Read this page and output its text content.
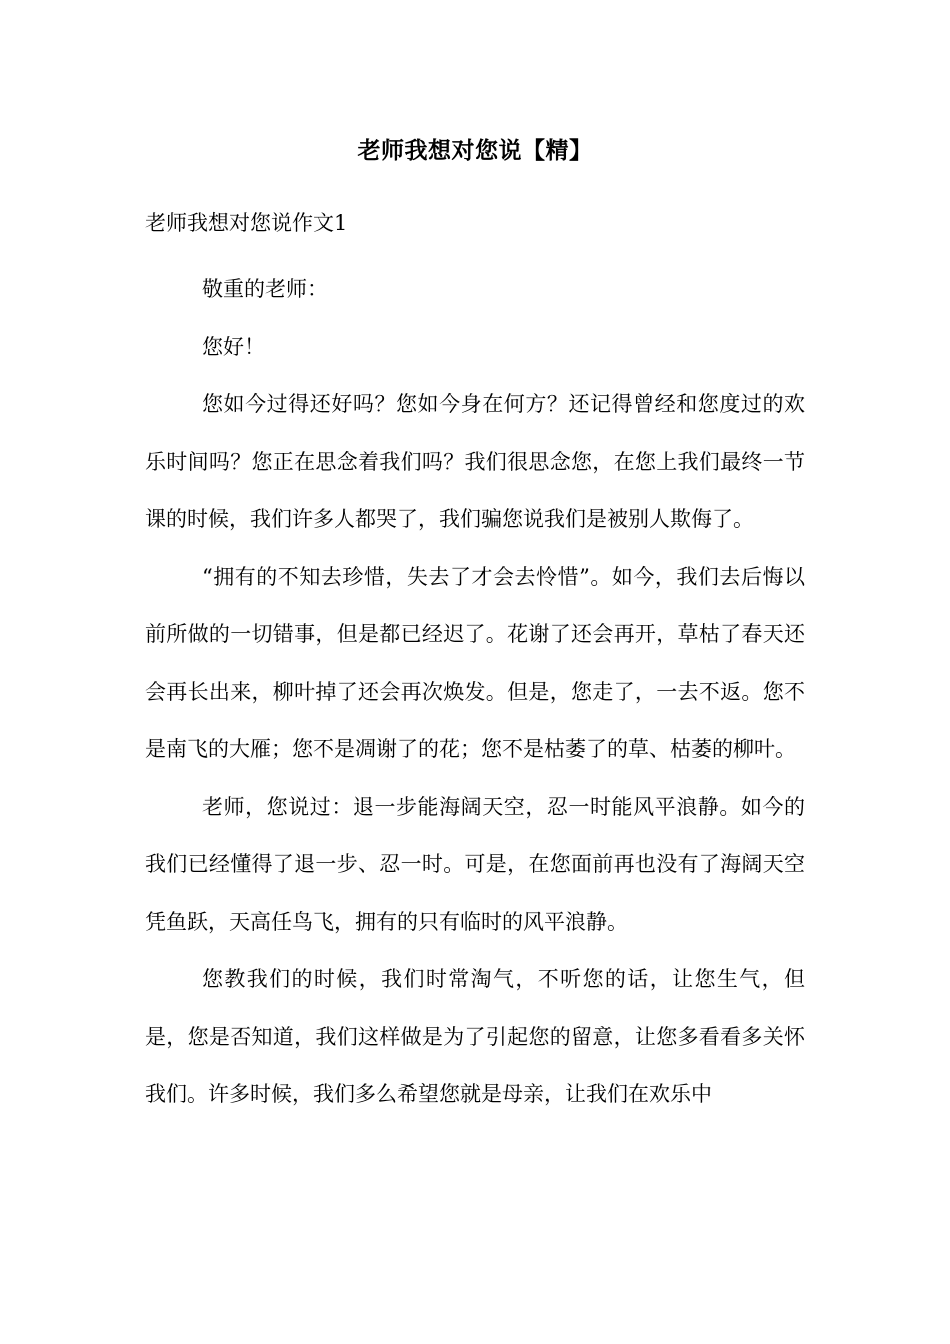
老师我想对您说【精】
老师我想对您说作文1

敬重的老师：

您好！

您如今过得还好吗？您如今身在何方？还记得曾经和您度过的欢乐时间吗？您正在思念着我们吗？我们很思念您，在您上我们最终一节课的时候，我们许多人都哭了，我们骗您说我们是被别人欺侮了。

“拥有的不知去珍惜，失去了才会去怜惜”。如今，我们去后悔以前所做的一切错事，但是都已经迟了。花谢了还会再开，草枯了春天还会再长出来，柳叶掉了还会再次焕发。但是，您走了，一去不返。您不是南飞的大雁；您不是凋谢了的花；您不是枯萎了的草、枯萎的柳叶。

老师，您说过：退一步能海阔天空，忍一时能风平浪静。如今的我们已经懂得了退一步、忍一时。可是，在您面前再也没有了海阔天空凭鱼跃，天高任鸟飞，拥有的只有临时的风平浪静。

您教我们的时候，我们时常淘气，不听您的话，让您生气，但是，您是否知道，我们这样做是为了引起您的留意，让您多看看多关怀我们。许多时候，我们多么希望您就是母亲，让我们在欢乐中
